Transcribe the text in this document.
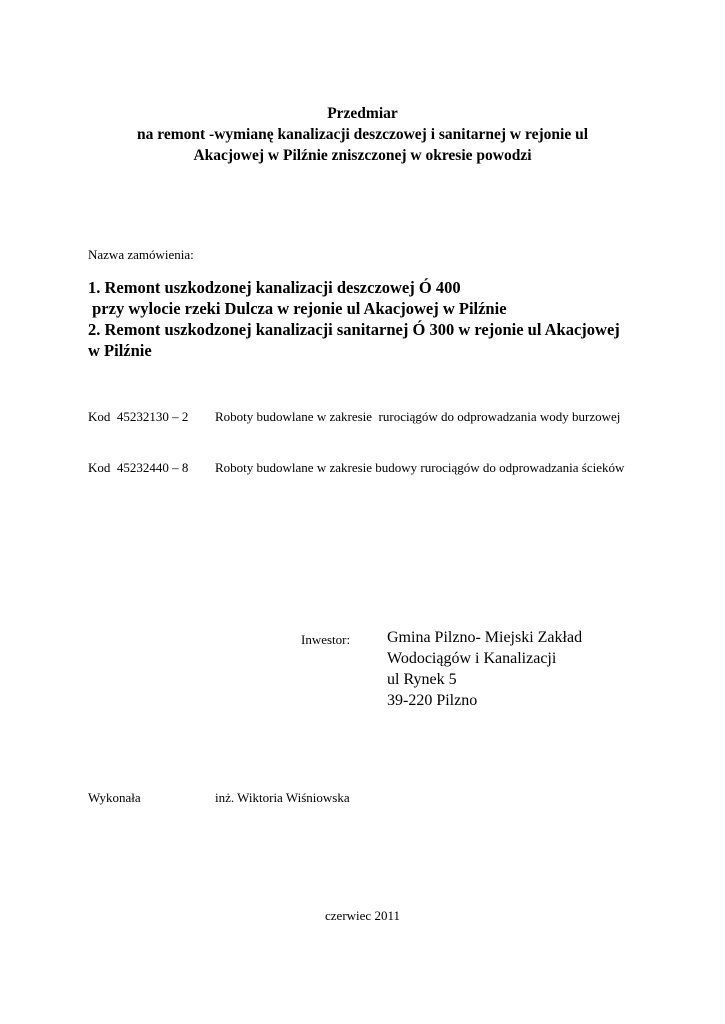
Przedmiar
na remont -wymianę kanalizacji deszczowej i sanitarnej w rejonie ul
Akacjowej w Pilźnie zniszczonej w okresie powodzi
Nazwa zamówienia:
1. Remont uszkodzonej kanalizacji deszczowej Ó 400
przy wylocie rzeki Dulcza w rejonie ul Akacjowej w Pilźnie
2. Remont uszkodzonej kanalizacji sanitarnej Ó 300 w rejonie ul Akacjowej
w Pilźnie
Kod  45232130 – 2 Roboty budowlane w zakresie  rurociągów do odprowadzania wody burzowej
Kod  45232440 – 8 Roboty budowlane w zakresie budowy rurociągów do odprowadzania ścieków
Inwestor: Gmina Pilzno- Miejski Zakład
Wodociągów i Kanalizacji
ul Rynek 5
39-220 Pilzno
Wykonała	inż. Wiktoria Wiśniowska
czerwiec 2011
